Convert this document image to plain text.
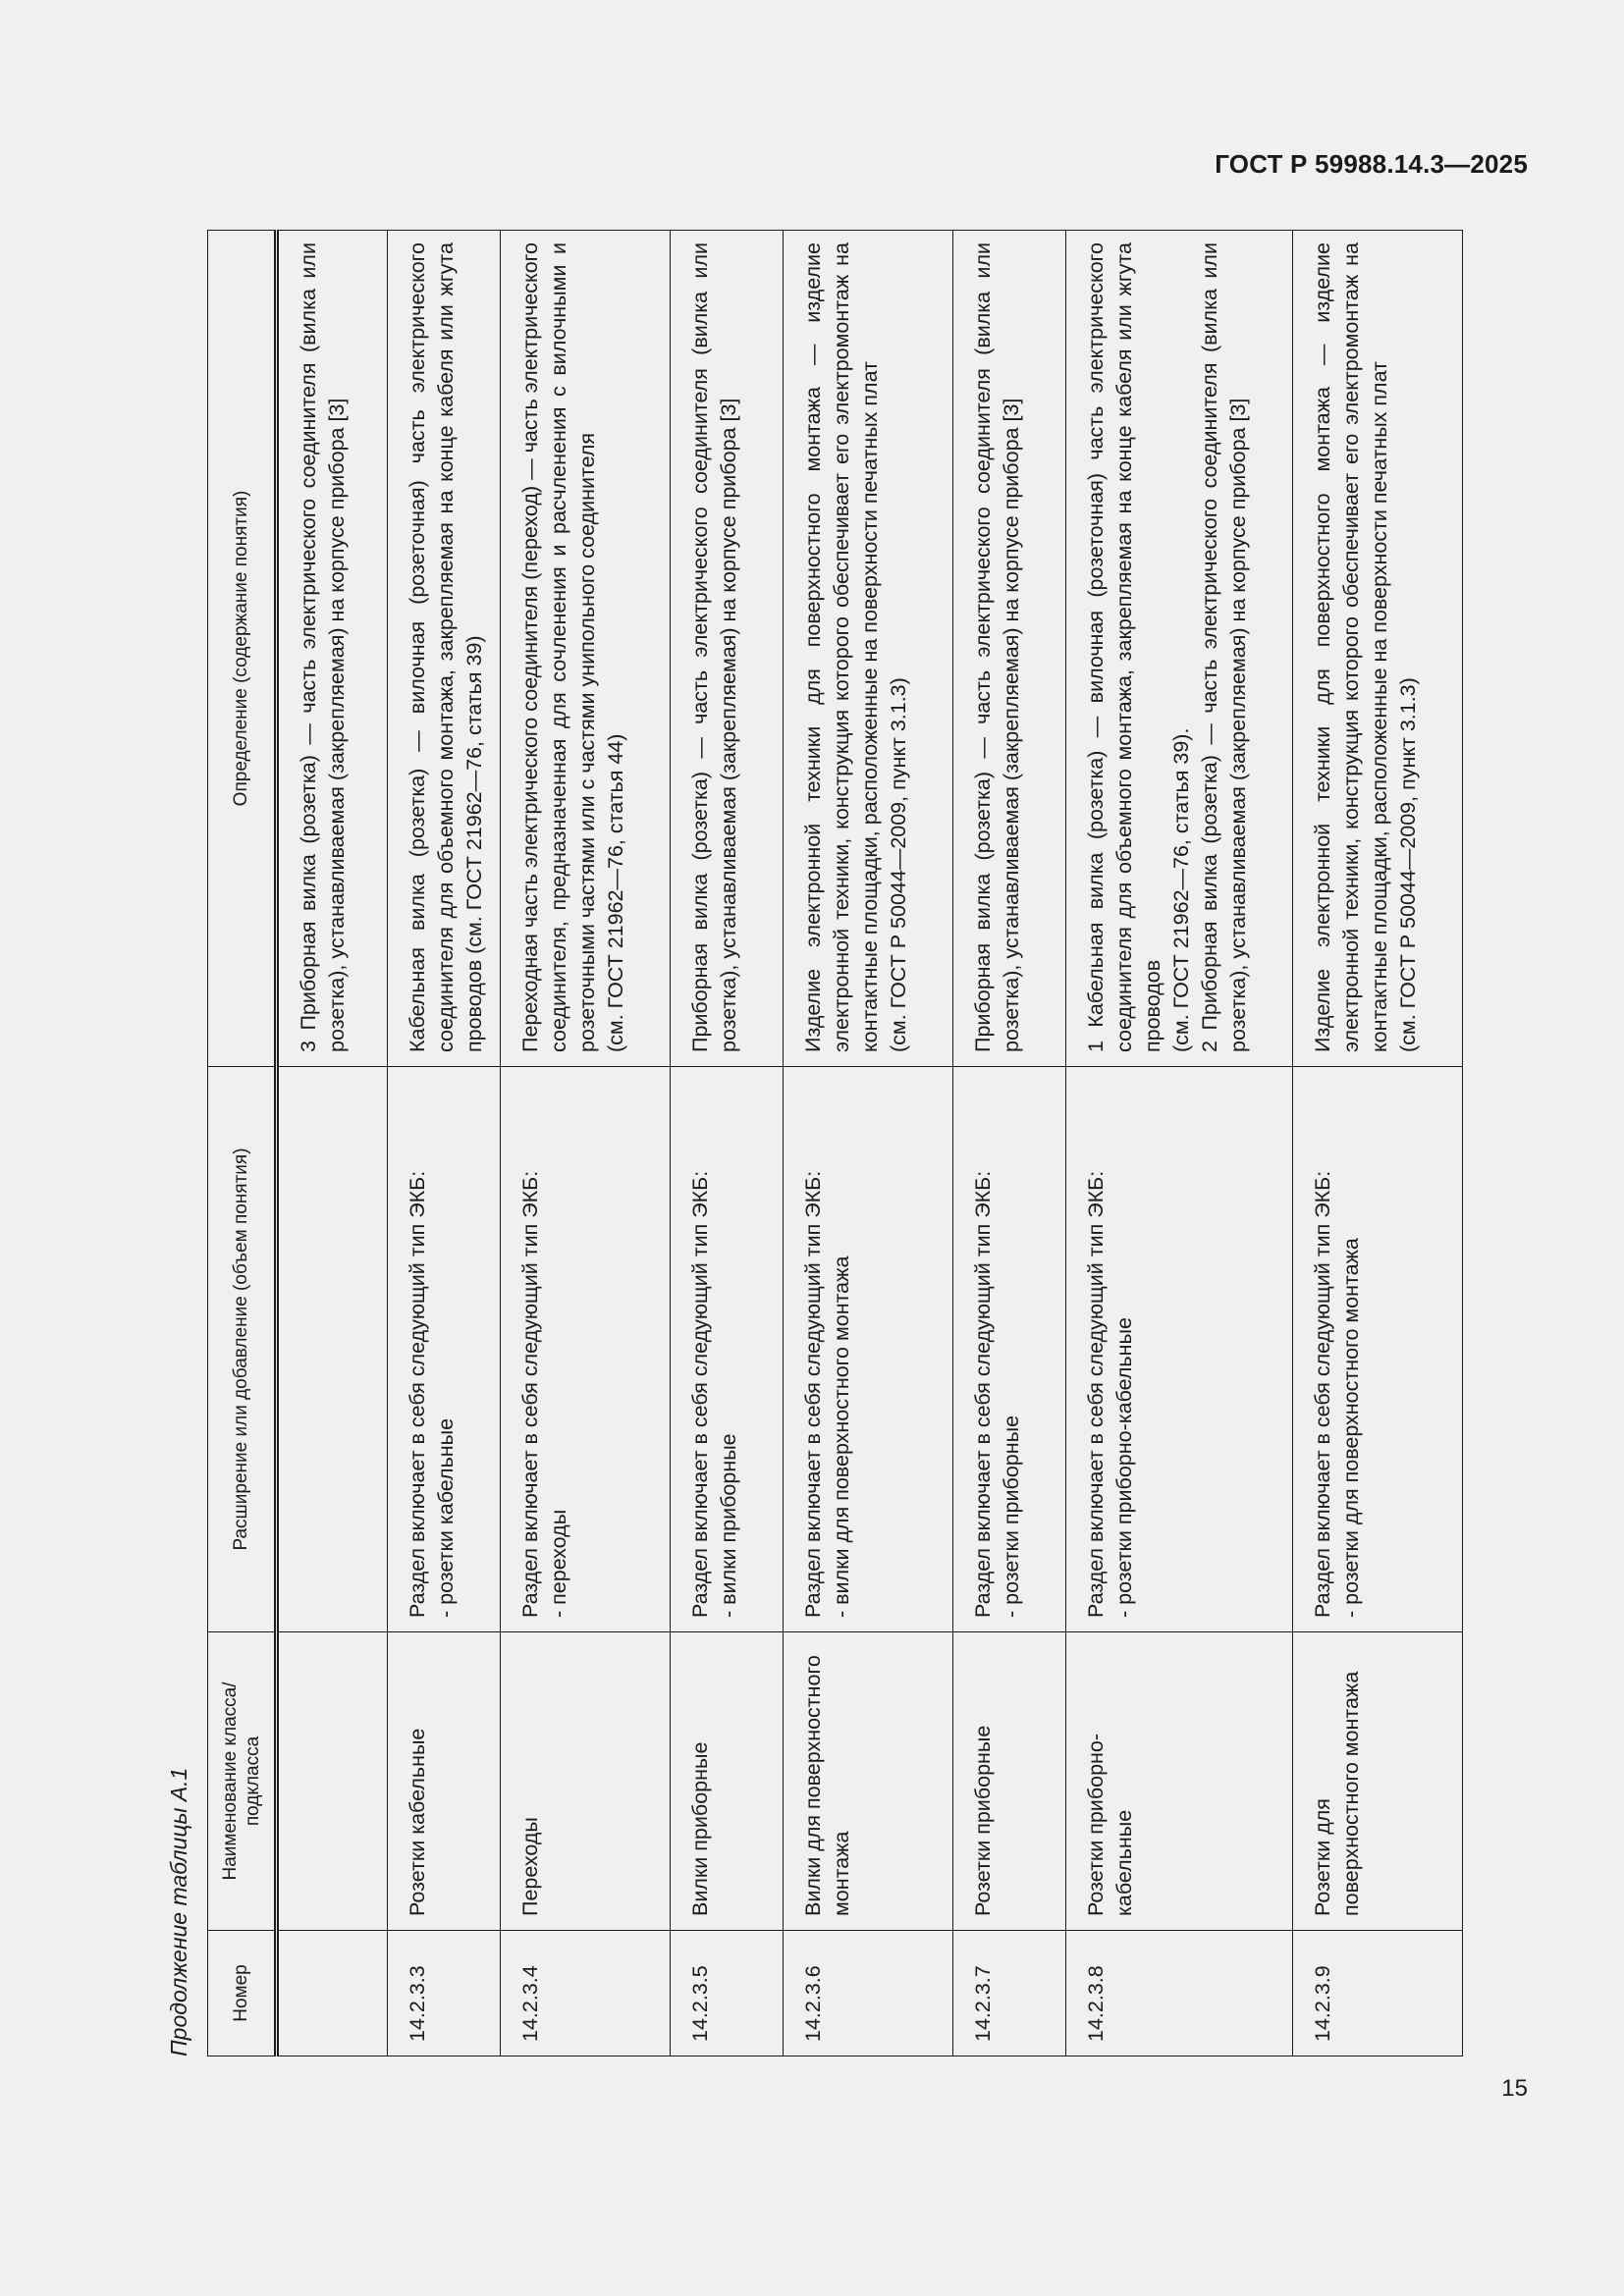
ГОСТ Р 59988.14.3—2025
Продолжение таблицы А.1	Номер	Наименование класса/подкласса	Расширение или добавление (объем понятия)	Определение (содержание понятия)

			3 Приборная вилка (розетка) — часть электрического соединителя (вилка или розетка), устанавливаемая (закрепляемая) на корпусе прибора [3]

14.2.3.3	Розетки кабельные	Раздел включает в себя следующий тип ЭКБ: - розетки кабельные	Кабельная вилка (розетка) — вилочная (розеточная) часть электрического соединителя для объемного монтажа, закрепляемая на конце кабеля или жгута проводов (см. ГОСТ 21962—76, статья 39)

14.2.3.4	Переходы	Раздел включает в себя следующий тип ЭКБ: - переходы	Переходная часть электрического соединителя (переход) — часть электрического соединителя, предназначенная для сочленения и расчленения с вилочными и розеточными частями или с частями унипольного соединителя (см. ГОСТ 21962—76, статья 44)

14.2.3.5	Вилки приборные	Раздел включает в себя следующий тип ЭКБ: - вилки приборные	Приборная вилка (розетка) — часть электрического соединителя (вилка или розетка), устанавливаемая (закрепляемая) на корпусе прибора [3]

14.2.3.6	Вилки для поверхностного монтажа	Раздел включает в себя следующий тип ЭКБ: - вилки для поверхностного монтажа	Изделие электронной техники для поверхностного монтажа — изделие электронной техники, конструкция которого обеспечивает его электромонтаж на контактные площадки, расположенные на поверхности печатных плат (см. ГОСТ Р 50044—2009, пункт 3.1.3)

14.2.3.7	Розетки приборные	Раздел включает в себя следующий тип ЭКБ: - розетки приборные	Приборная вилка (розетка) — часть электрического соединителя (вилка или розетка), устанавливаемая (закрепляемая) на корпусе прибора [3]

14.2.3.8	Розетки приборно-кабельные	Раздел включает в себя следующий тип ЭКБ: - розетки приборно-кабельные	1 Кабельная вилка (розетка) — вилочная (розеточная) часть электрического соединителя для объемного монтажа, закрепляемая на конце кабеля или жгута проводов (см. ГОСТ 21962—76, статья 39). 2 Приборная вилка (розетка) — часть электрического соединителя (вилка или розетка), устанавливаемая (закрепляемая) на корпусе прибора [3]

14.2.3.9	Розетки для поверхностного монтажа	Раздел включает в себя следующий тип ЭКБ: - розетки для поверхностного монтажа	Изделие электронной техники для поверхностного монтажа — изделие электронной техники, конструкция которого обеспечивает его электромонтаж на контактные площадки, расположенные на поверхности печатных плат (см. ГОСТ Р 50044—2009, пункт 3.1.3)
15
